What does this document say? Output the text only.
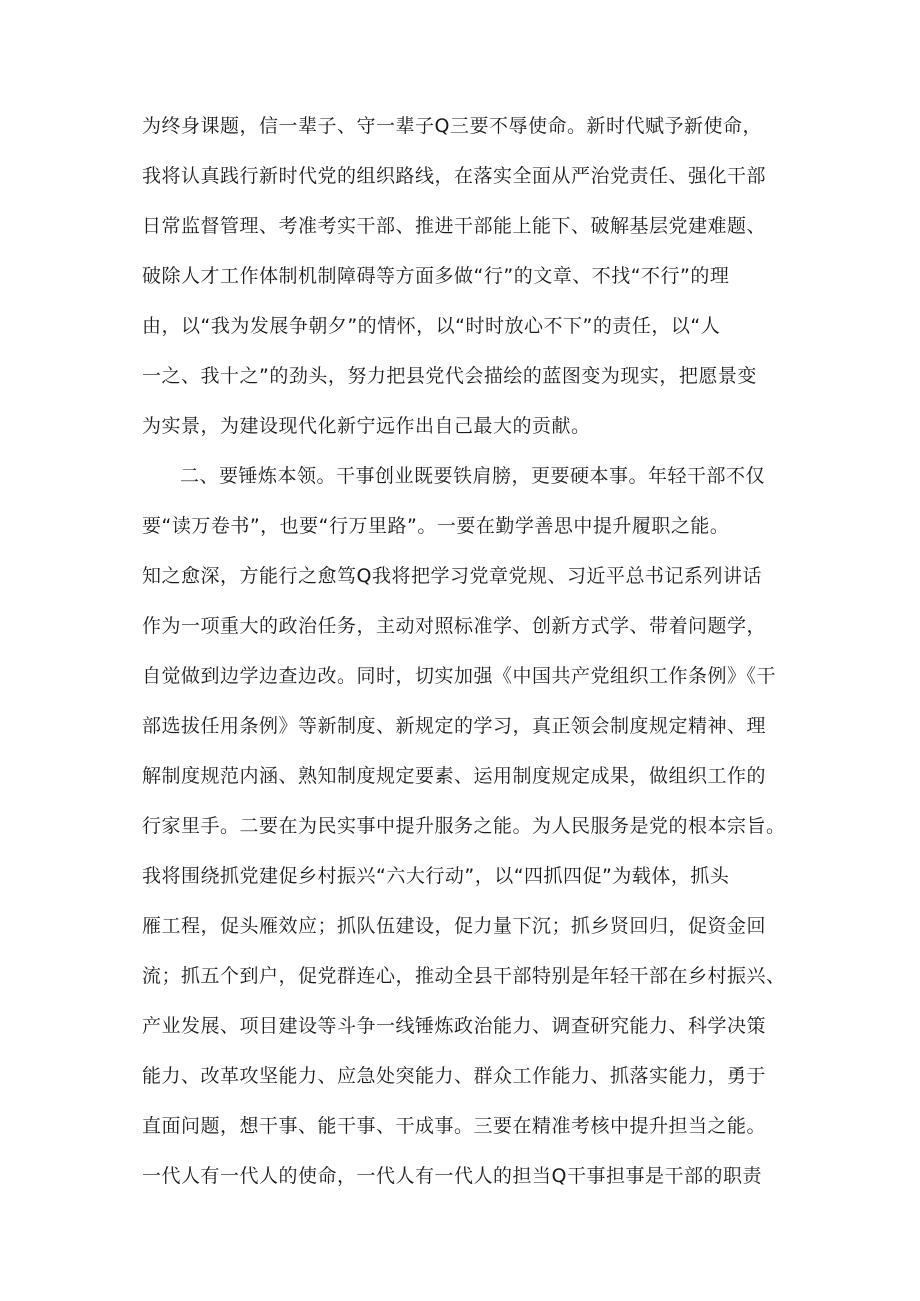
为终身课题，信一辈子、守一辈子Q三要不辱使命。新时代赋予新使命，

我将认真践行新时代党的组织路线，在落实全面从严治党责任、强化干部

日常监督管理、考准考实干部、推进干部能上能下、破解基层党建难题、

破除人才工作体制机制障碍等方面多做“行”的文章、不找“不行”的理

由，以“我为发展争朝夕”的情怀，以“时时放心不下”的责任，以“人

一之、我十之”的劲头，努力把县党代会描绘的蓝图变为现实，把愿景变

为实景，为建设现代化新宁远作出自己最大的贡献。

二、要锤炼本领。干事创业既要铁肩膀，更要硬本事。年轻干部不仅

要“读万卷书”，也要“行万里路”。一要在勤学善思中提升履职之能。

知之愈深，方能行之愈笃Q我将把学习党章党规、习近平总书记系列讲话

作为一项重大的政治任务，主动对照标准学、创新方式学、带着问题学，

自觉做到边学边查边改。同时，切实加强《中国共产党组织工作条例》《干

部选拔任用条例》等新制度、新规定的学习，真正领会制度规定精神、理

解制度规范内涵、熟知制度规定要素、运用制度规定成果，做组织工作的

行家里手。二要在为民实事中提升服务之能。为人民服务是党的根本宗旨。

我将围绕抓党建促乡村振兴“六大行动”，以“四抓四促”为载体，抓头

雁工程，促头雁效应；抓队伍建设，促力量下沉；抓乡贤回归，促资金回

流；抓五个到户，促党群连心，推动全县干部特别是年轻干部在乡村振兴、

产业发展、项目建设等斗争一线锤炼政治能力、调查研究能力、科学决策

能力、改革攻坚能力、应急处突能力、群众工作能力、抓落实能力，勇于

直面问题，想干事、能干事、干成事。三要在精准考核中提升担当之能。

一代人有一代人的使命，一代人有一代人的担当Q干事担事是干部的职责
